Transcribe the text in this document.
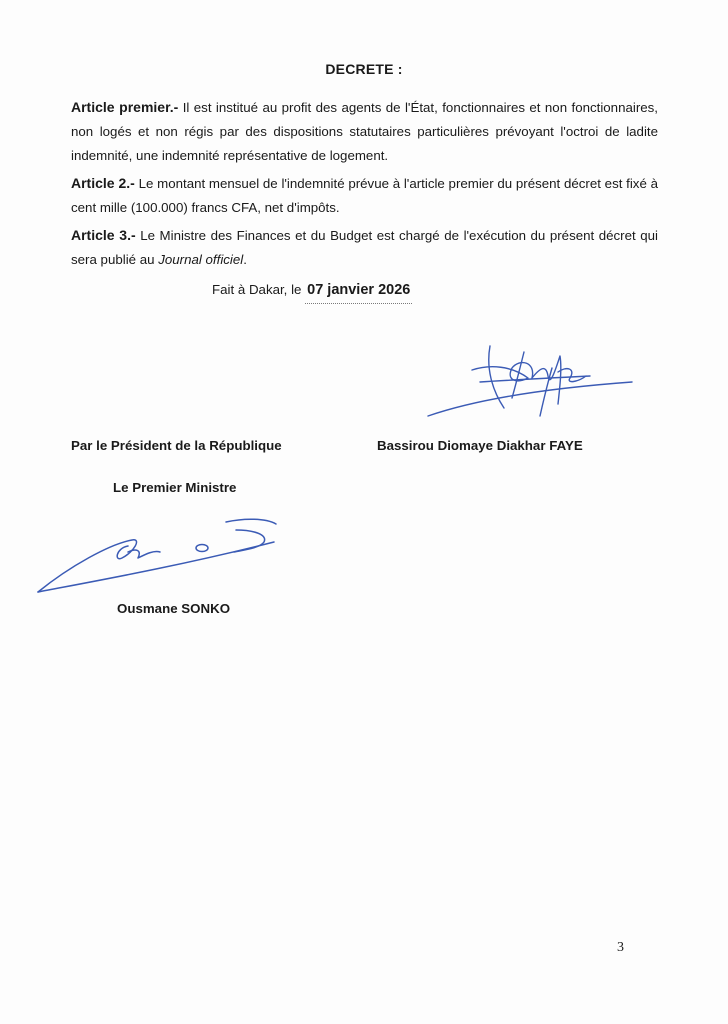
DECRETE :
Article premier.- Il est institué au profit des agents de l'État, fonctionnaires et non fonctionnaires, non logés et non régis par des dispositions statutaires particulières prévoyant l'octroi de ladite indemnité, une indemnité représentative de logement.
Article 2.- Le montant mensuel de l'indemnité prévue à l'article premier du présent décret est fixé à cent mille (100.000) francs CFA, net d'impôts.
Article 3.- Le Ministre des Finances et du Budget est chargé de l'exécution du présent décret qui sera publié au Journal officiel.
Fait à Dakar, le 07 janvier 2026
Par le Président de la République	Bassirou Diomaye Diakhar FAYE
Le Premier Ministre
Ousmane SONKO
3
